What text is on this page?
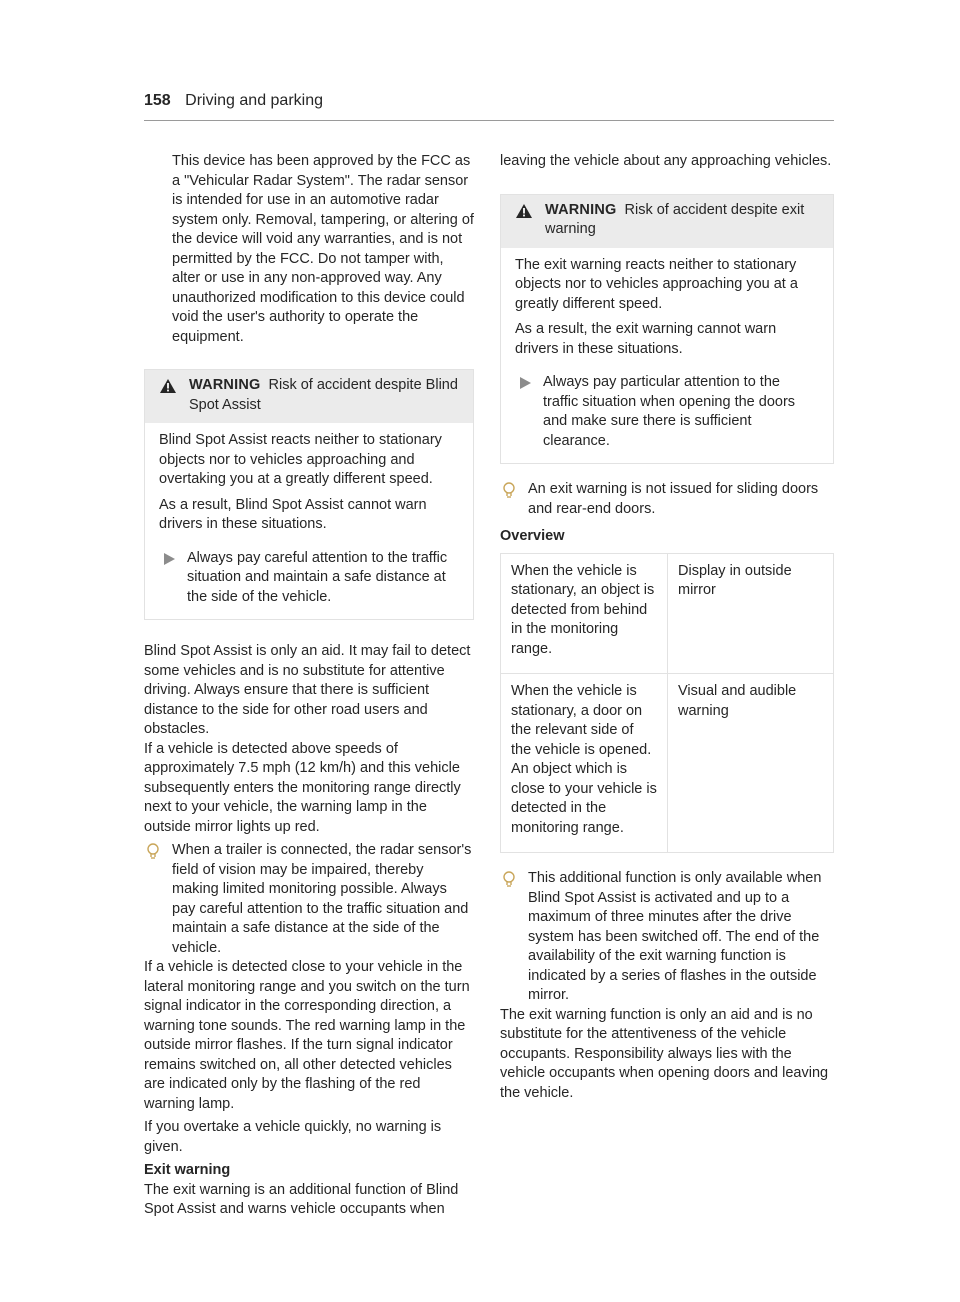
158 Driving and parking

This device has been approved by the FCC as a "Vehicular Radar System". The radar sensor is intended for use in an automotive radar system only. Removal, tampering, or altering of the device will void any warranties, and is not permitted by the FCC. Do not tamper with, alter or use in any non-approved way. Any unauthorized modification to this device could void the user's authority to operate the equipment.

WARNING Risk of accident despite Blind Spot Assist

Blind Spot Assist reacts neither to stationary objects nor to vehicles approaching and overtaking you at a greatly different speed.

As a result, Blind Spot Assist cannot warn drivers in these situations.

Always pay careful attention to the traffic situation and maintain a safe distance at the side of the vehicle.

Blind Spot Assist is only an aid. It may fail to detect some vehicles and is no substitute for attentive driving. Always ensure that there is sufficient distance to the side for other road users and obstacles.

If a vehicle is detected above speeds of approximately 7.5 mph (12 km/h) and this vehicle subsequently enters the monitoring range directly next to your vehicle, the warning lamp in the outside mirror lights up red.

When a trailer is connected, the radar sensor's field of vision may be impaired, thereby making limited monitoring possible. Always pay careful attention to the traffic situation and maintain a safe distance at the side of the vehicle.

If a vehicle is detected close to your vehicle in the lateral monitoring range and you switch on the turn signal indicator in the corresponding direction, a warning tone sounds. The red warning lamp in the outside mirror flashes. If the turn signal indicator remains switched on, all other detected vehicles are indicated only by the flashing of the red warning lamp.

If you overtake a vehicle quickly, no warning is given.

Exit warning

The exit warning is an additional function of Blind Spot Assist and warns vehicle occupants when

leaving the vehicle about any approaching vehicles.

WARNING Risk of accident despite exit warning

The exit warning reacts neither to stationary objects nor to vehicles approaching you at a greatly different speed.

As a result, the exit warning cannot warn drivers in these situations.

Always pay particular attention to the traffic situation when opening the doors and make sure there is sufficient clearance.
An exit warning is not issued for sliding doors and rear-end doors.

Overview

When the vehicle is stationary, an object is detected from behind in the monitoring range.	Display in outside mirror
When the vehicle is stationary, a door on the relevant side of the vehicle is opened. An object which is close to your vehicle is detected in the monitoring range.	Visual and audible warning
This additional function is only available when Blind Spot Assist is activated and up to a maximum of three minutes after the drive system has been switched off. The end of the availability of the exit warning function is indicated by a series of flashes in the outside mirror.

The exit warning function is only an aid and is no substitute for the attentiveness of the vehicle occupants. Responsibility always lies with the vehicle occupants when opening doors and leaving the vehicle.
